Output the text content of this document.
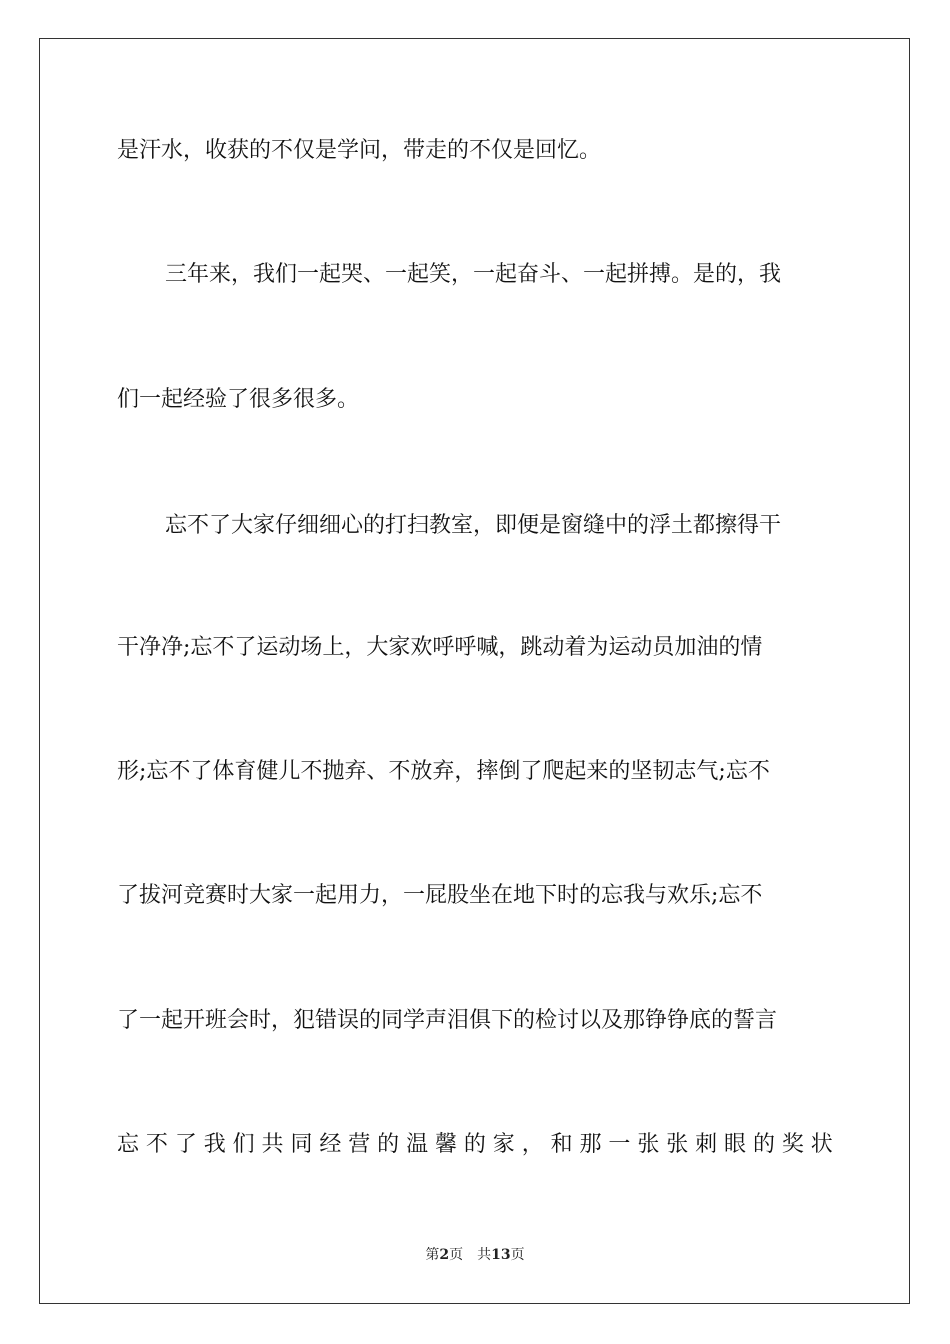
是汗水，收获的不仅是学问，带走的不仅是回忆。
三年来，我们一起哭、一起笑，一起奋斗、一起拼搏。是的，我
们一起经验了很多很多。
忘不了大家仔细细心的打扫教室，即便是窗缝中的浮土都擦得干
干净净;忘不了运动场上，大家欢呼呼喊，跳动着为运动员加油的情
形;忘不了体育健儿不抛弃、不放弃，摔倒了爬起来的坚韧志气;忘不
了拔河竞赛时大家一起用力，一屁股坐在地下时的忘我与欢乐;忘不
了一起开班会时，犯错误的同学声泪俱下的检讨以及那铮铮底的誓言
忘 不 了 我 们 共 同 经 营 的 温 馨 的 家 ， 和 那 一 张 张 刺 眼 的 奖 状
第2页 共13页
